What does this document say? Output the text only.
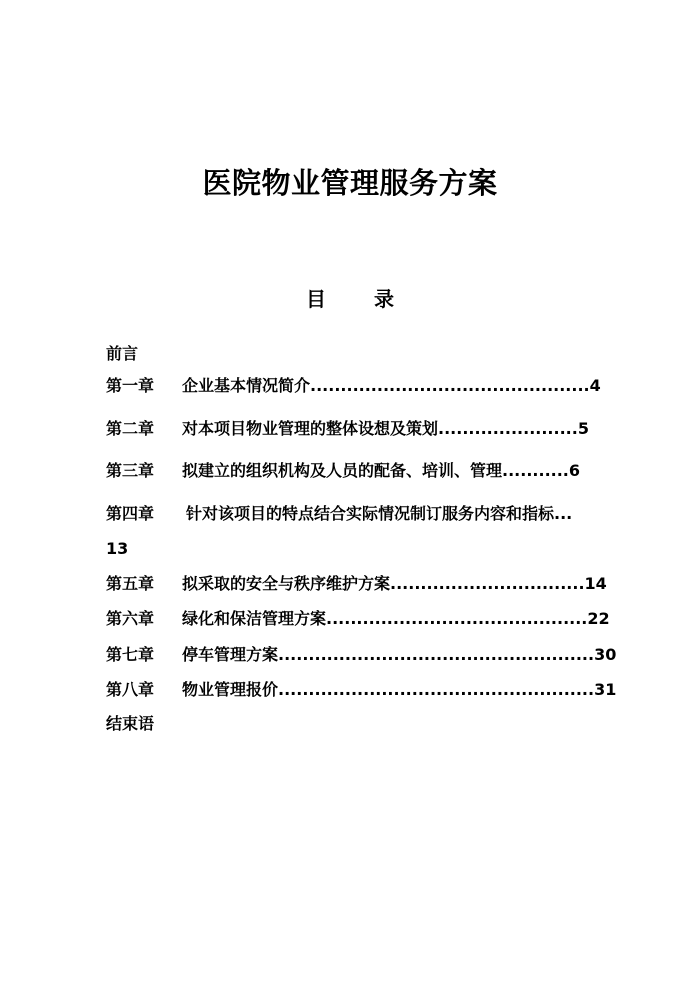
医院物业管理服务方案
目 录
前言
第一章 企业基本情况简介..............................................4
第二章 对本项目物业管理的整体设想及策划.......................5
第三章 拟建立的组织机构及人员的配备、培训、管理...........6
第四章 针对该项目的特点结合实际情况制订服务内容和指标...
13
第五章 拟采取的安全与秩序维护方案................................14
第六章 绿化和保洁管理方案...........................................22
第七章 停车管理方案....................................................30
第八章 物业管理报价....................................................31
结束语
